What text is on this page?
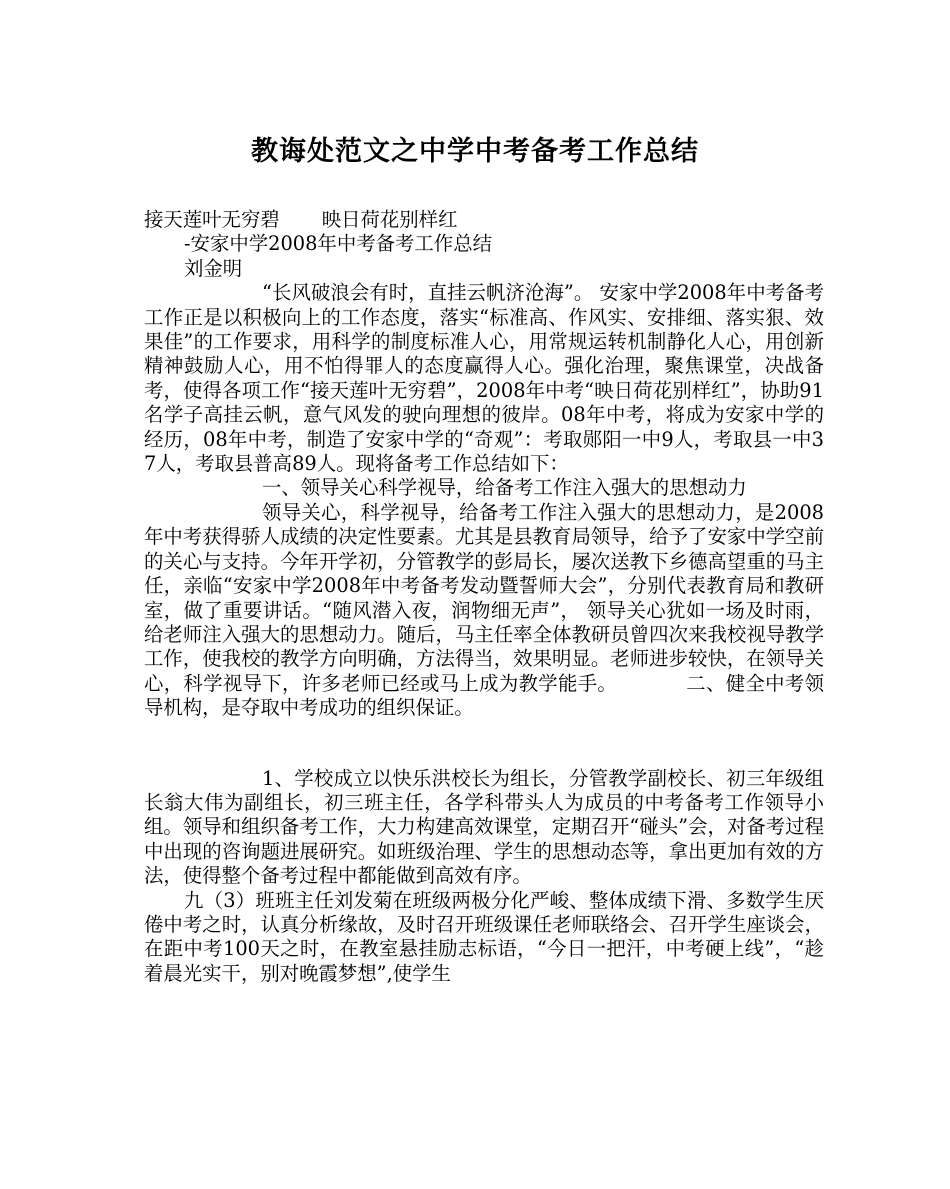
教诲处范文之中学中考备考工作总结

接天莲叶无穷碧 映日荷花别样红

-安家中学2008年中考备考工作总结

刘金明

“长风破浪会有时，直挂云帆济沧海”。 安家中学2008年中考备考工作正是以积极向上的工作态度，落实“标准高、作风实、安排细、落实狠、效果佳”的工作要求，用科学的制度标准人心，用常规运转机制静化人心，用创新精神鼓励人心，用不怕得罪人的态度赢得人心。强化治理，聚焦课堂，决战备考，使得各项工作“接天莲叶无穷碧”，2008年中考“映日荷花别样红”，协助91名学子高挂云帆，意气风发的驶向理想的彼岸。08年中考，将成为安家中学的经历，08年中考，制造了安家中学的“奇观”：考取郧阳一中9人，考取县一中37人，考取县普高89人。现将备考工作总结如下：

一、领导关心科学视导，给备考工作注入强大的思想动力

领导关心，科学视导，给备考工作注入强大的思想动力，是2008年中考获得骄人成绩的决定性要素。尤其是县教育局领导，给予了安家中学空前的关心与支持。今年开学初，分管教学的彭局长，屡次送教下乡德高望重的马主任，亲临“安家中学2008年中考备考发动暨誓师大会”，分别代表教育局和教研室，做了重要讲话。“随风潜入夜，润物细无声”， 领导关心犹如一场及时雨，给老师注入强大的思想动力。随后，马主任率全体教研员曾四次来我校视导教学工作，使我校的教学方向明确，方法得当，效果明显。老师进步较快，在领导关心，科学视导下，许多老师已经或马上成为教学能手。　　　　二、健全中考领导机构，是夺取中考成功的组织保证。

1、学校成立以快乐洪校长为组长，分管教学副校长、初三年级组长翁大伟为副组长，初三班主任，各学科带头人为成员的中考备考工作领导小组。领导和组织备考工作，大力构建高效课堂，定期召开“碰头”会，对备考过程中出现的咨询题进展研究。如班级治理、学生的思想动态等，拿出更加有效的方法，使得整个备考过程中都能做到高效有序。

九（3）班班主任刘发菊在班级两极分化严峻、整体成绩下滑、多数学生厌倦中考之时，认真分析缘故，及时召开班级课任老师联络会、召开学生座谈会，在距中考100天之时，在教室悬挂励志标语，“今日一把汗，中考硬上线”，“趁着晨光实干，别对晚霞梦想”,使学生
